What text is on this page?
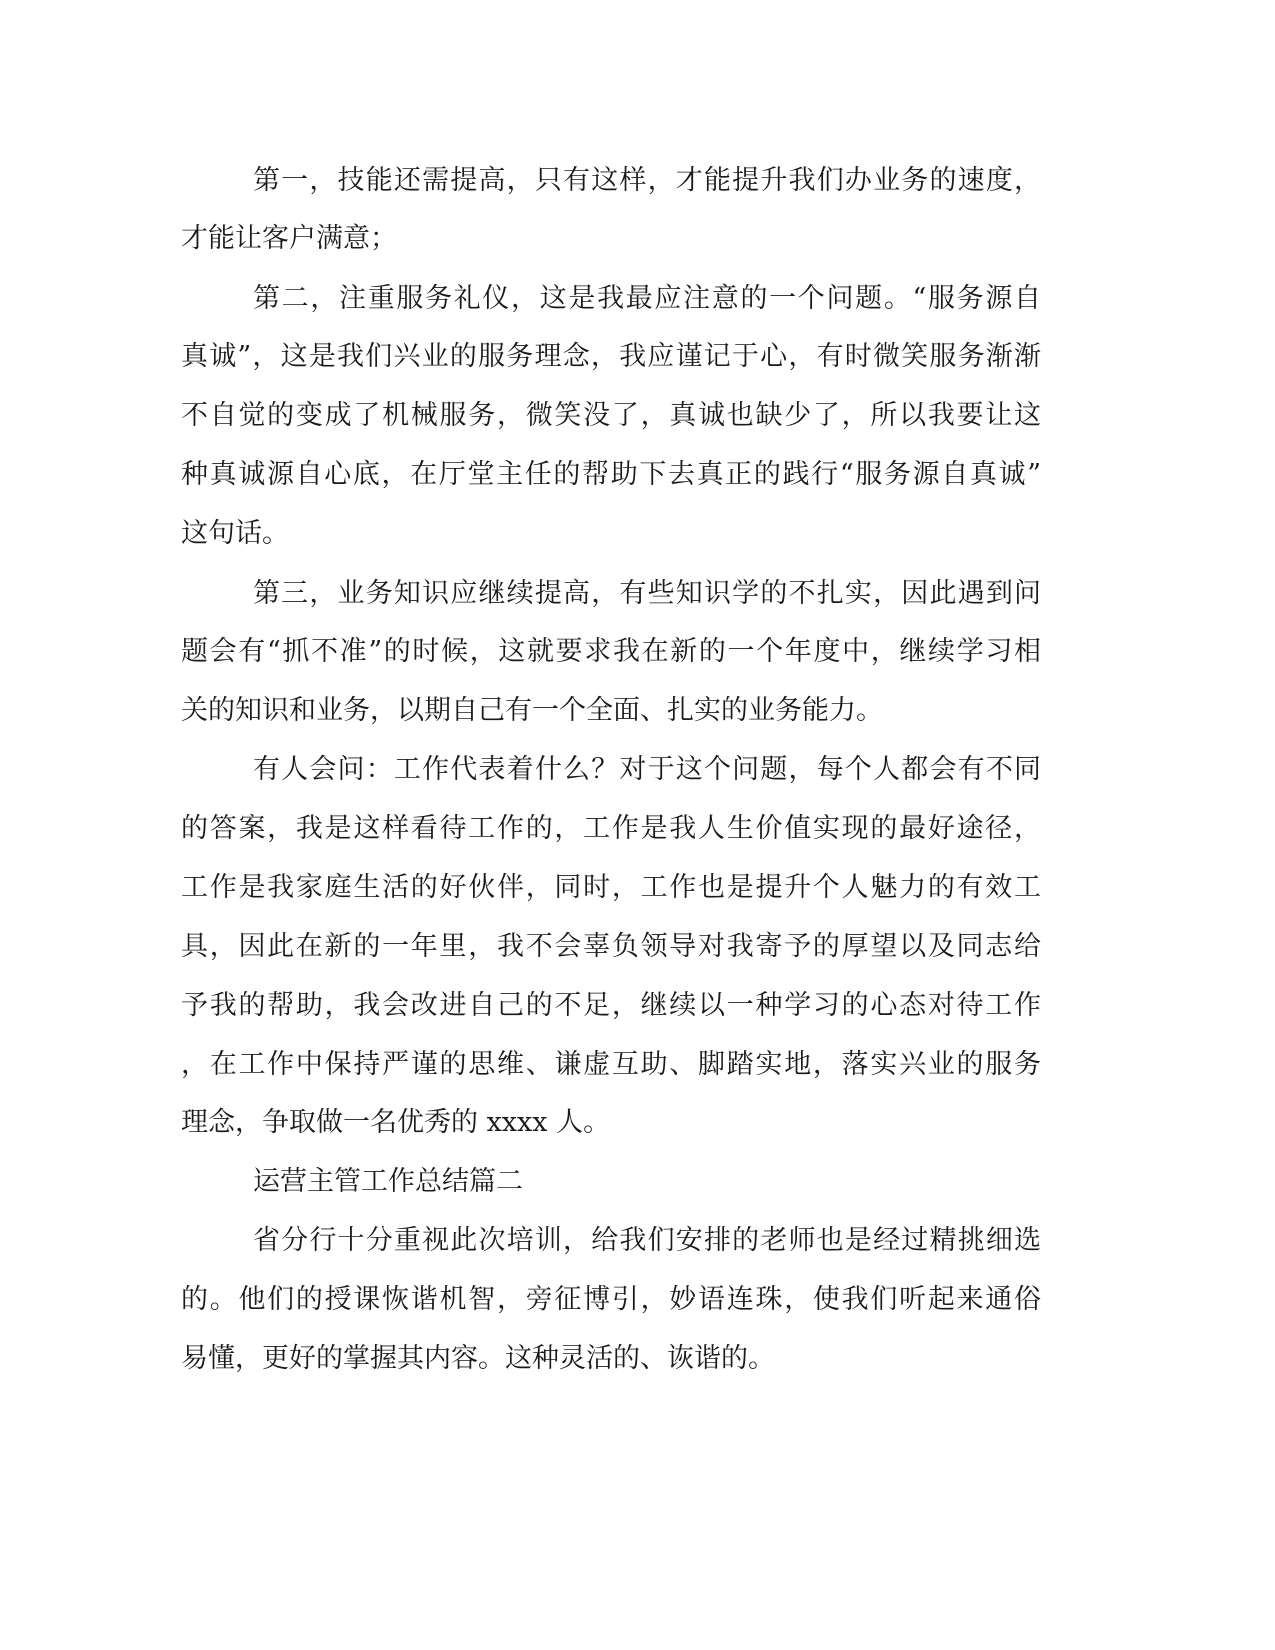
第一，技能还需提高，只有这样，才能提升我们办业务的速度，
才能让客户满意；
第二，注重服务礼仪，这是我最应注意的一个问题。“服务源自
真诚”，这是我们兴业的服务理念，我应谨记于心，有时微笑服务渐渐
不自觉的变成了机械服务，微笑没了，真诚也缺少了，所以我要让这
种真诚源自心底，在厅堂主任的帮助下去真正的践行“服务源自真诚”
这句话。
第三，业务知识应继续提高，有些知识学的不扎实，因此遇到问
题会有“抓不准”的时候，这就要求我在新的一个年度中，继续学习相
关的知识和业务，以期自己有一个全面、扎实的业务能力。
有人会问：工作代表着什么？对于这个问题，每个人都会有不同
的答案，我是这样看待工作的，工作是我人生价值实现的最好途径，
工作是我家庭生活的好伙伴，同时，工作也是提升个人魅力的有效工
具，因此在新的一年里，我不会辜负领导对我寄予的厚望以及同志给
予我的帮助，我会改进自己的不足，继续以一种学习的心态对待工作
，在工作中保持严谨的思维、谦虚互助、脚踏实地，落实兴业的服务
理念，争取做一名优秀的 xxxx 人。
运营主管工作总结篇二
省分行十分重视此次培训，给我们安排的老师也是经过精挑细选
的。他们的授课恢谐机智，旁征博引，妙语连珠，使我们听起来通俗
易懂，更好的掌握其内容。这种灵活的、诙谐的。
